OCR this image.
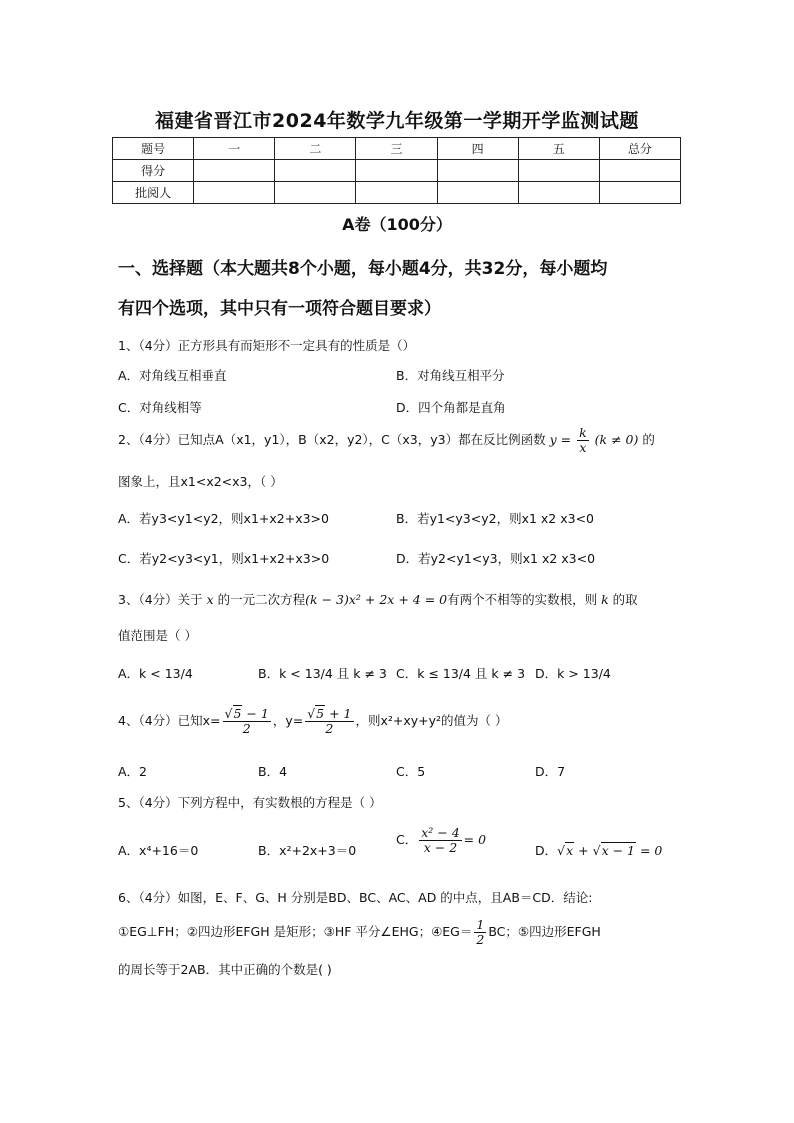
福建省晋江市2024年数学九年级第一学期开学监测试题
题号	一	二	三	四	五	总分
得分						
批阅人						
A卷（100分）
一、选择题（本大题共8个小题，每小题4分，共32分，每小题均
有四个选项，其中只有一项符合题目要求）
1、（4分）正方形具有而矩形不一定具有的性质是（）
A．对角线互相垂直	B．对角线互相平分
C．对角线相等	D．四个角都是直角
2、（4分）已知点A（x1，y1），B（x2，y2），C（x3，y3）都在反比例函数 $y = \frac{k}{x} (k \ne 0)$ 的
图象上，且x1<x2<x3，（ ）
A．若y3<y1<y2，则x1+x2+x3>0	B．若y1<y3<y2，则x1 x2 x3<0
C．若y2<y3<y1，则x1+x2+x3>0	D．若y2<y1<y3，则x1 x2 x3<0
3、（4分）关于 x 的一元二次方程(k − 3)x² + 2x + 4 = 0有两个不相等的实数根，则 k 的取
值范围是（ ）
A．k < 13/4	B．k < 13/4 且 k ≠ 3 C．k ≤ 13/4 且 k ≠ 3 D．k > 13/4
4、（4分）已知$x= \frac{√5 - 1}{2}$ ，$y= \frac{√5 + 1}{2}$ ，则x²+xy+y²的值为（ ）
A．2	B．4	C．5	D．7
5、（4分）下列方程中，有实数根的方程是（ ）
A．x⁴+16＝0	B．x²+2x+3＝0
C． $\frac{\text{x² − 4}}{x - 2} = 0$
D．√x + √x − 1 = 0
6、（4分）如图，E、F、G、H 分别是BD、BC、AC、AD 的中点，且AB＝CD．结论:
①EG⊥FH；②四边形EFGH 是矩形；③HF 平分∠EHG；④EG＝ $\frac{1}{2}$ BC；⑤四边形EFGH
的周长等于2AB．其中正确的个数是( )
